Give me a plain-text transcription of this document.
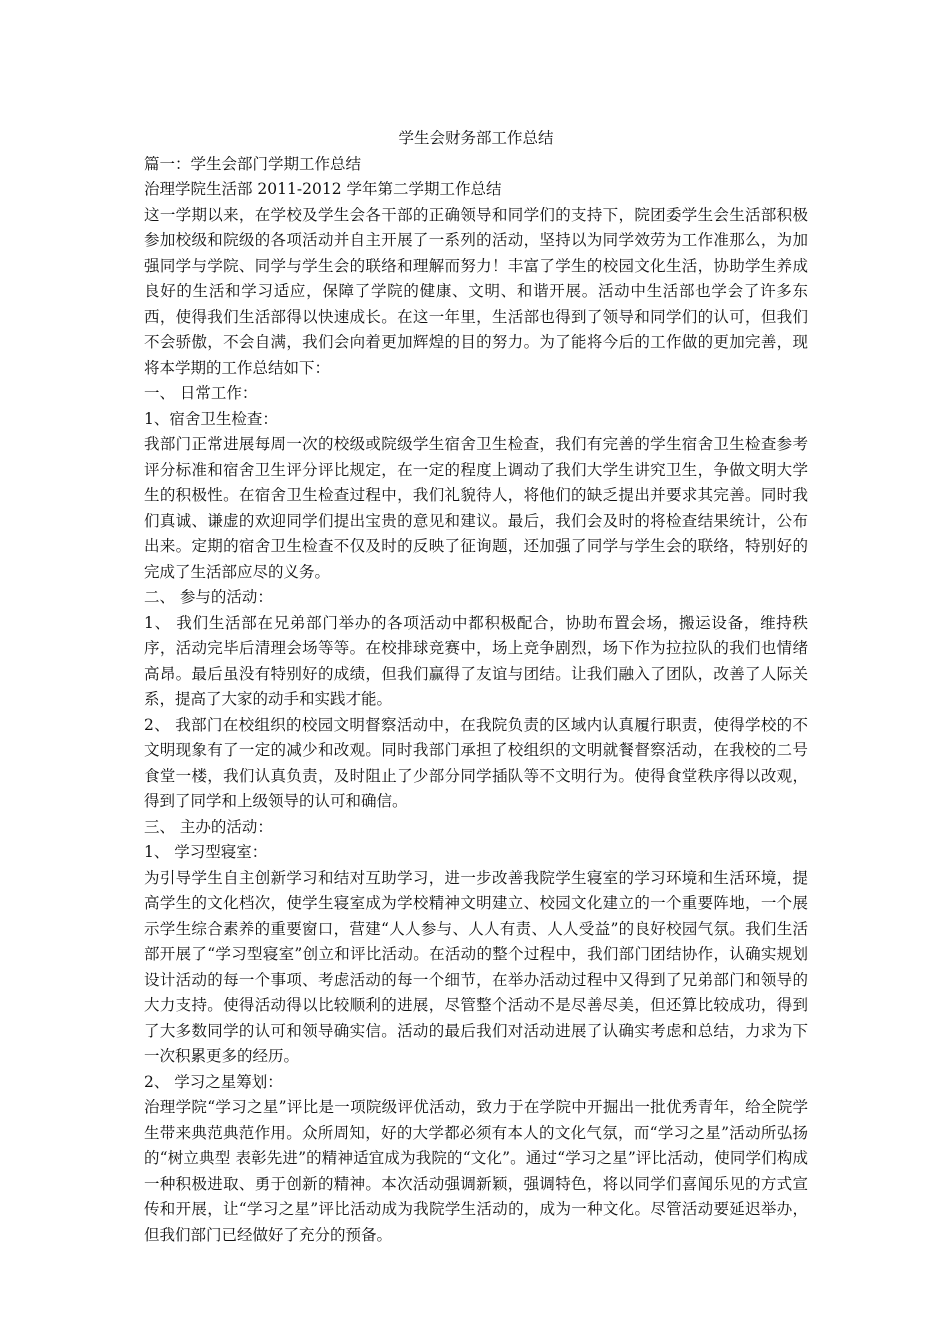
学生会财务部工作总结

篇一：学生会部门学期工作总结

治理学院生活部 2011-2012 学年第二学期工作总结

这一学期以来，在学校及学生会各干部的正确领导和同学们的支持下，院团委学生会生活部积极参加校级和院级的各项活动并自主开展了一系列的活动，坚持以为同学效劳为工作准那么，为加强同学与学院、同学与学生会的联络和理解而努力！丰富了学生的校园文化生活，协助学生养成良好的生活和学习适应，保障了学院的健康、文明、和谐开展。活动中生活部也学会了许多东西，使得我们生活部得以快速成长。在这一年里，生活部也得到了领导和同学们的认可，但我们不会骄傲，不会自满，我们会向着更加辉煌的目的努力。为了能将今后的工作做的更加完善，现将本学期的工作总结如下：

一、 日常工作：

1、宿舍卫生检查：

我部门正常进展每周一次的校级或院级学生宿舍卫生检查，我们有完善的学生宿舍卫生检查参考评分标准和宿舍卫生评分评比规定，在一定的程度上调动了我们大学生讲究卫生，争做文明大学生的积极性。在宿舍卫生检查过程中，我们礼貌待人，将他们的缺乏提出并要求其完善。同时我们真诚、谦虚的欢迎同学们提出宝贵的意见和建议。最后，我们会及时的将检查结果统计，公布出来。定期的宿舍卫生检查不仅及时的反映了征询题，还加强了同学与学生会的联络，特别好的完成了生活部应尽的义务。

二、 参与的活动：

1、 我们生活部在兄弟部门举办的各项活动中都积极配合，协助布置会场，搬运设备，维持秩序，活动完毕后清理会场等等。在校排球竞赛中，场上竞争剧烈，场下作为拉拉队的我们也情绪高昂。最后虽没有特别好的成绩，但我们赢得了友谊与团结。让我们融入了团队，改善了人际关系，提高了大家的动手和实践才能。

2、 我部门在校组织的校园文明督察活动中，在我院负责的区域内认真履行职责，使得学校的不文明现象有了一定的减少和改观。同时我部门承担了校组织的文明就餐督察活动，在我校的二号食堂一楼，我们认真负责，及时阻止了少部分同学插队等不文明行为。使得食堂秩序得以改观，得到了同学和上级领导的认可和确信。

三、 主办的活动：

1、 学习型寝室：

为引导学生自主创新学习和结对互助学习，进一步改善我院学生寝室的学习环境和生活环境，提高学生的文化档次，使学生寝室成为学校精神文明建立、校园文化建立的一个重要阵地，一个展示学生综合素养的重要窗口，营建“人人参与、人人有责、人人受益”的良好校园气氛。我们生活部开展了“学习型寝室”创立和评比活动。在活动的整个过程中，我们部门团结协作，认确实规划设计活动的每一个事项、考虑活动的每一个细节，在举办活动过程中又得到了兄弟部门和领导的大力支持。使得活动得以比较顺利的进展，尽管整个活动不是尽善尽美，但还算比较成功，得到了大多数同学的认可和领导确实信。活动的最后我们对活动进展了认确实考虑和总结，力求为下一次积累更多的经历。

2、 学习之星筹划：

治理学院“学习之星”评比是一项院级评优活动，致力于在学院中开掘出一批优秀青年，给全院学生带来典范典范作用。众所周知，好的大学都必须有本人的文化气氛，而“学习之星”活动所弘扬的“树立典型 表彰先进”的精神适宜成为我院的“文化”。通过“学习之星”评比活动，使同学们构成一种积极进取、勇于创新的精神。本次活动强调新颖，强调特色，将以同学们喜闻乐见的方式宣传和开展，让“学习之星”评比活动成为我院学生活动的，成为一种文化。尽管活动要延迟举办，但我们部门已经做好了充分的预备。
